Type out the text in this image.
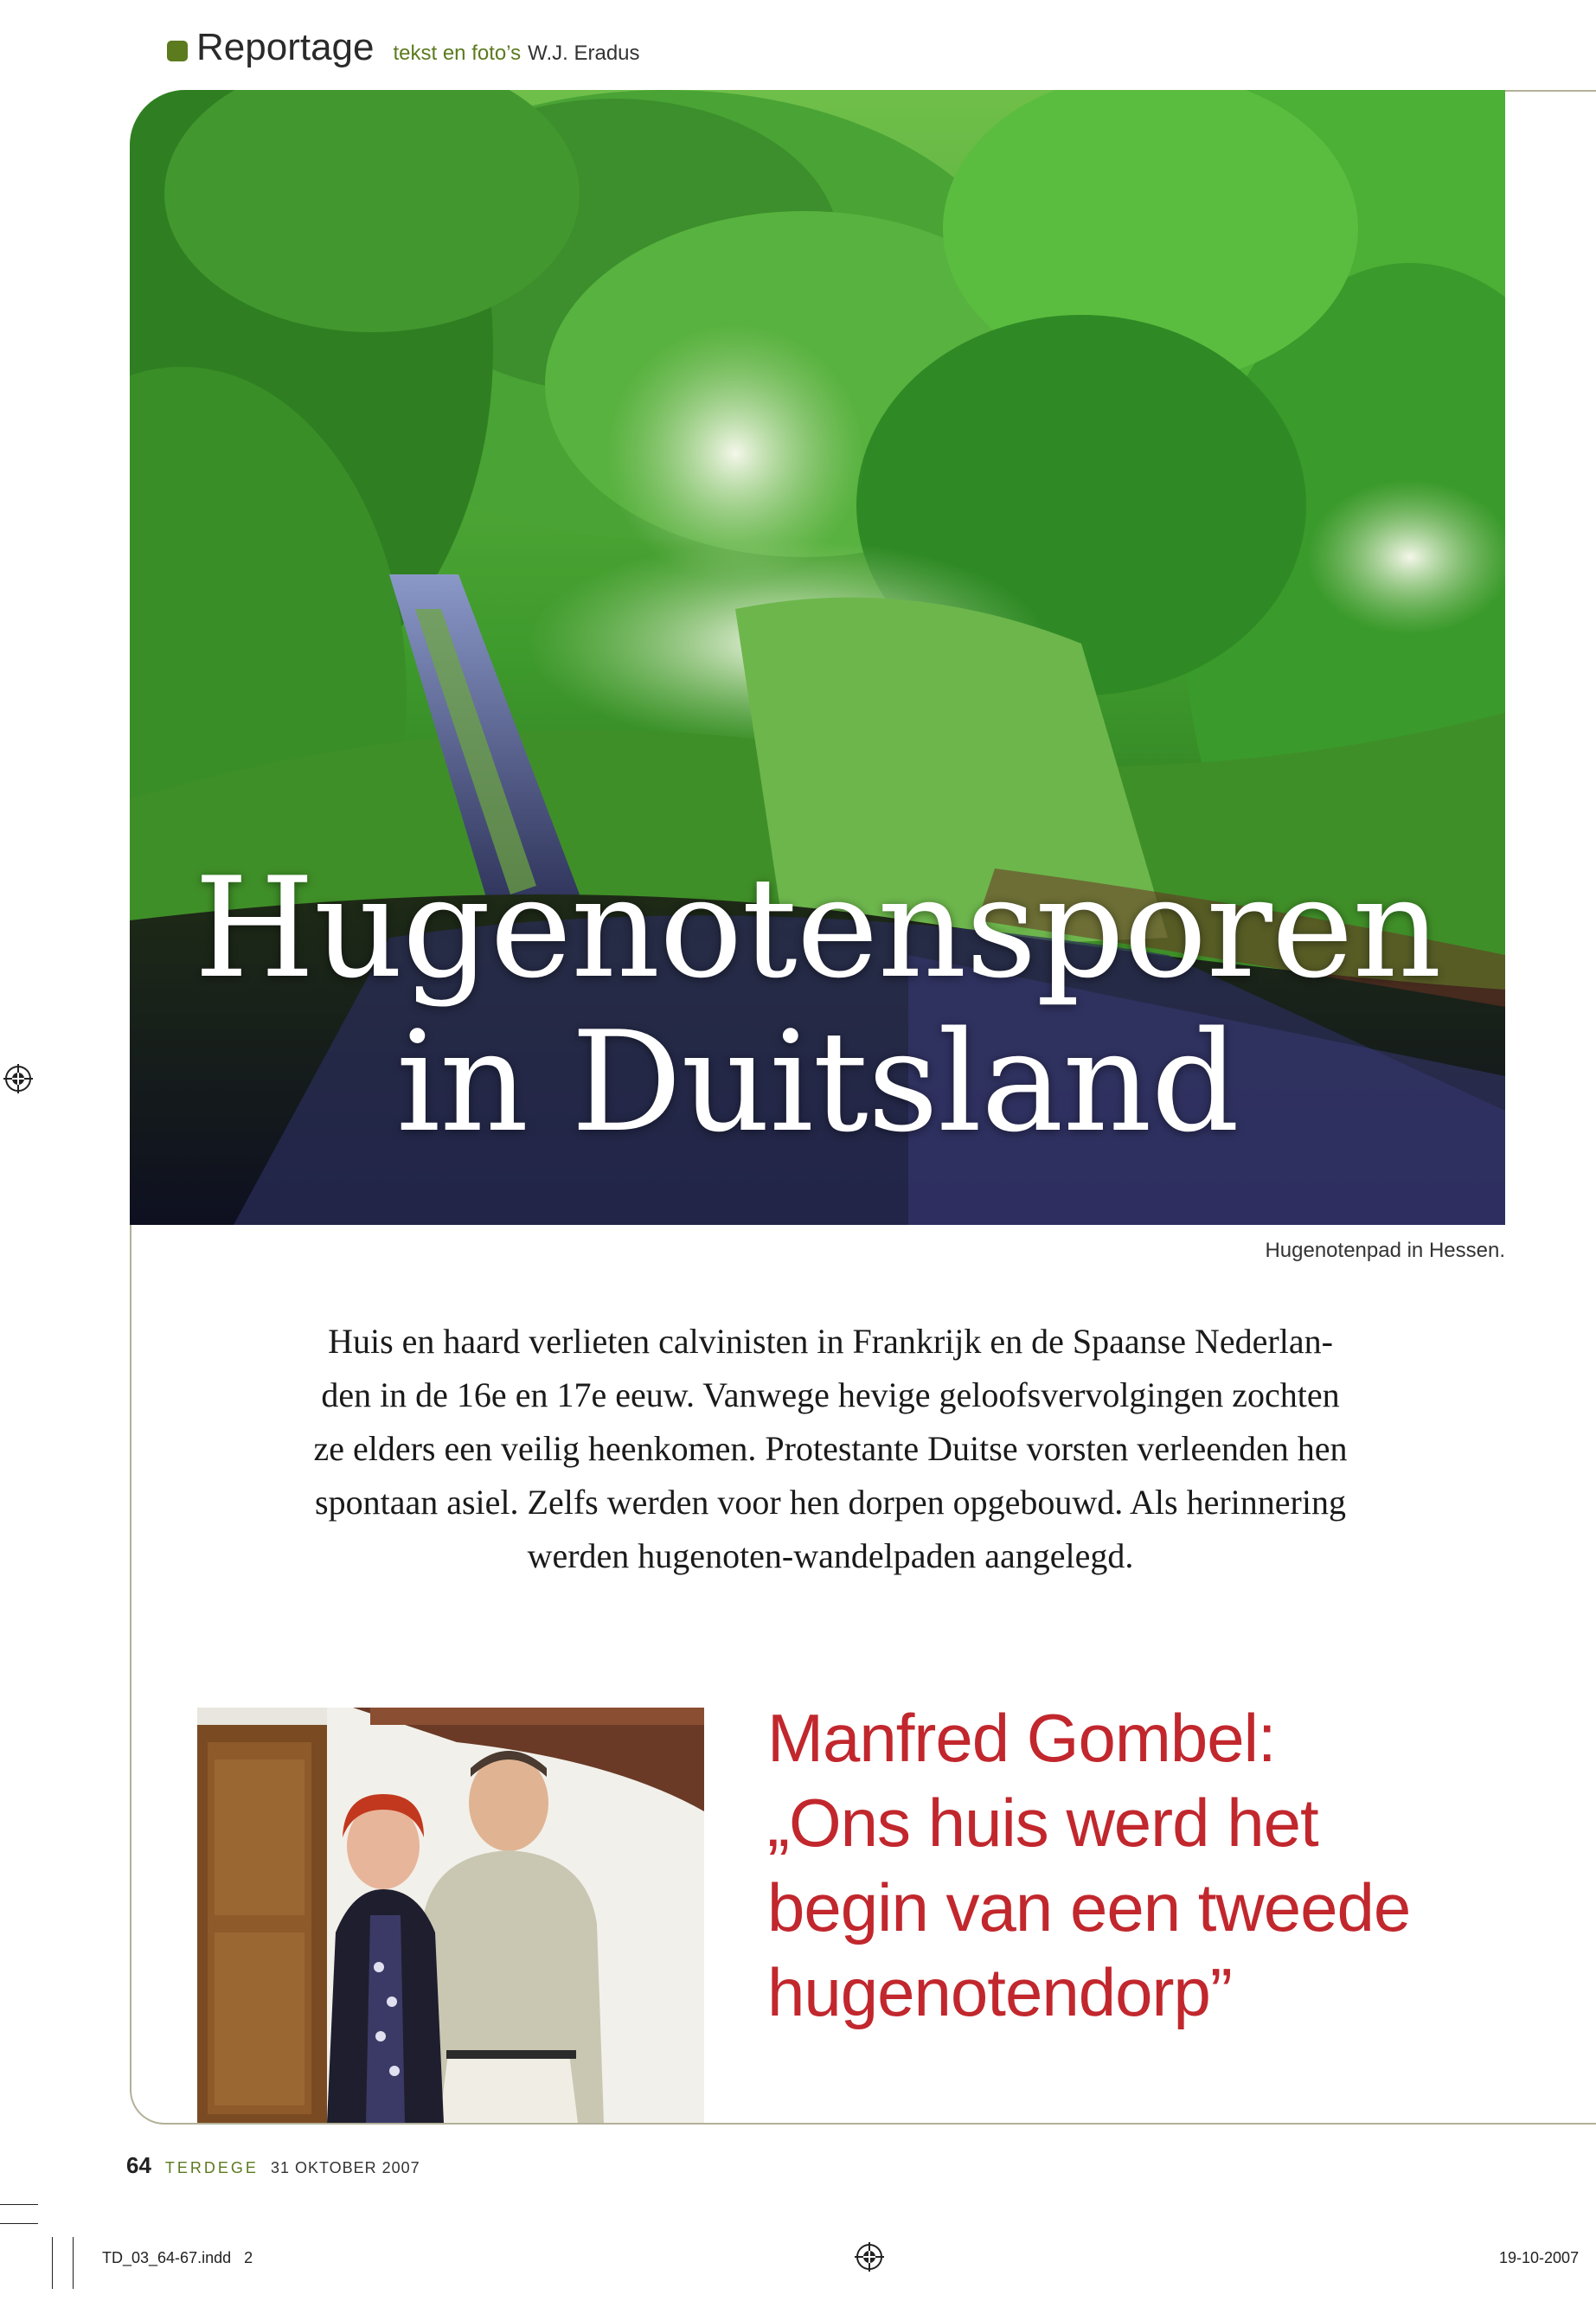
Reportage tekst en foto’s W.J. Eradus
Hugenotensporen
in Duitsland
Hugenotenpad in Hessen.
Huis en haard verlieten calvinisten in Frankrijk en de Spaanse Nederlan-
den in de 16e en 17e eeuw. Vanwege hevige geloofsvervolgingen zochten
ze elders een veilig heenkomen. Protestante Duitse vorsten verleenden hen
spontaan asiel. Zelfs werden voor hen dorpen opgebouwd. Als herinnering
werden hugenoten-wandelpaden aangelegd.
Manfred Gombel:
„Ons huis werd het
begin van een tweede
hugenotendorp”
64 TERDEGE 31 OKTOBER 2007
TD_03_64-67.indd   2	19-10-2007
